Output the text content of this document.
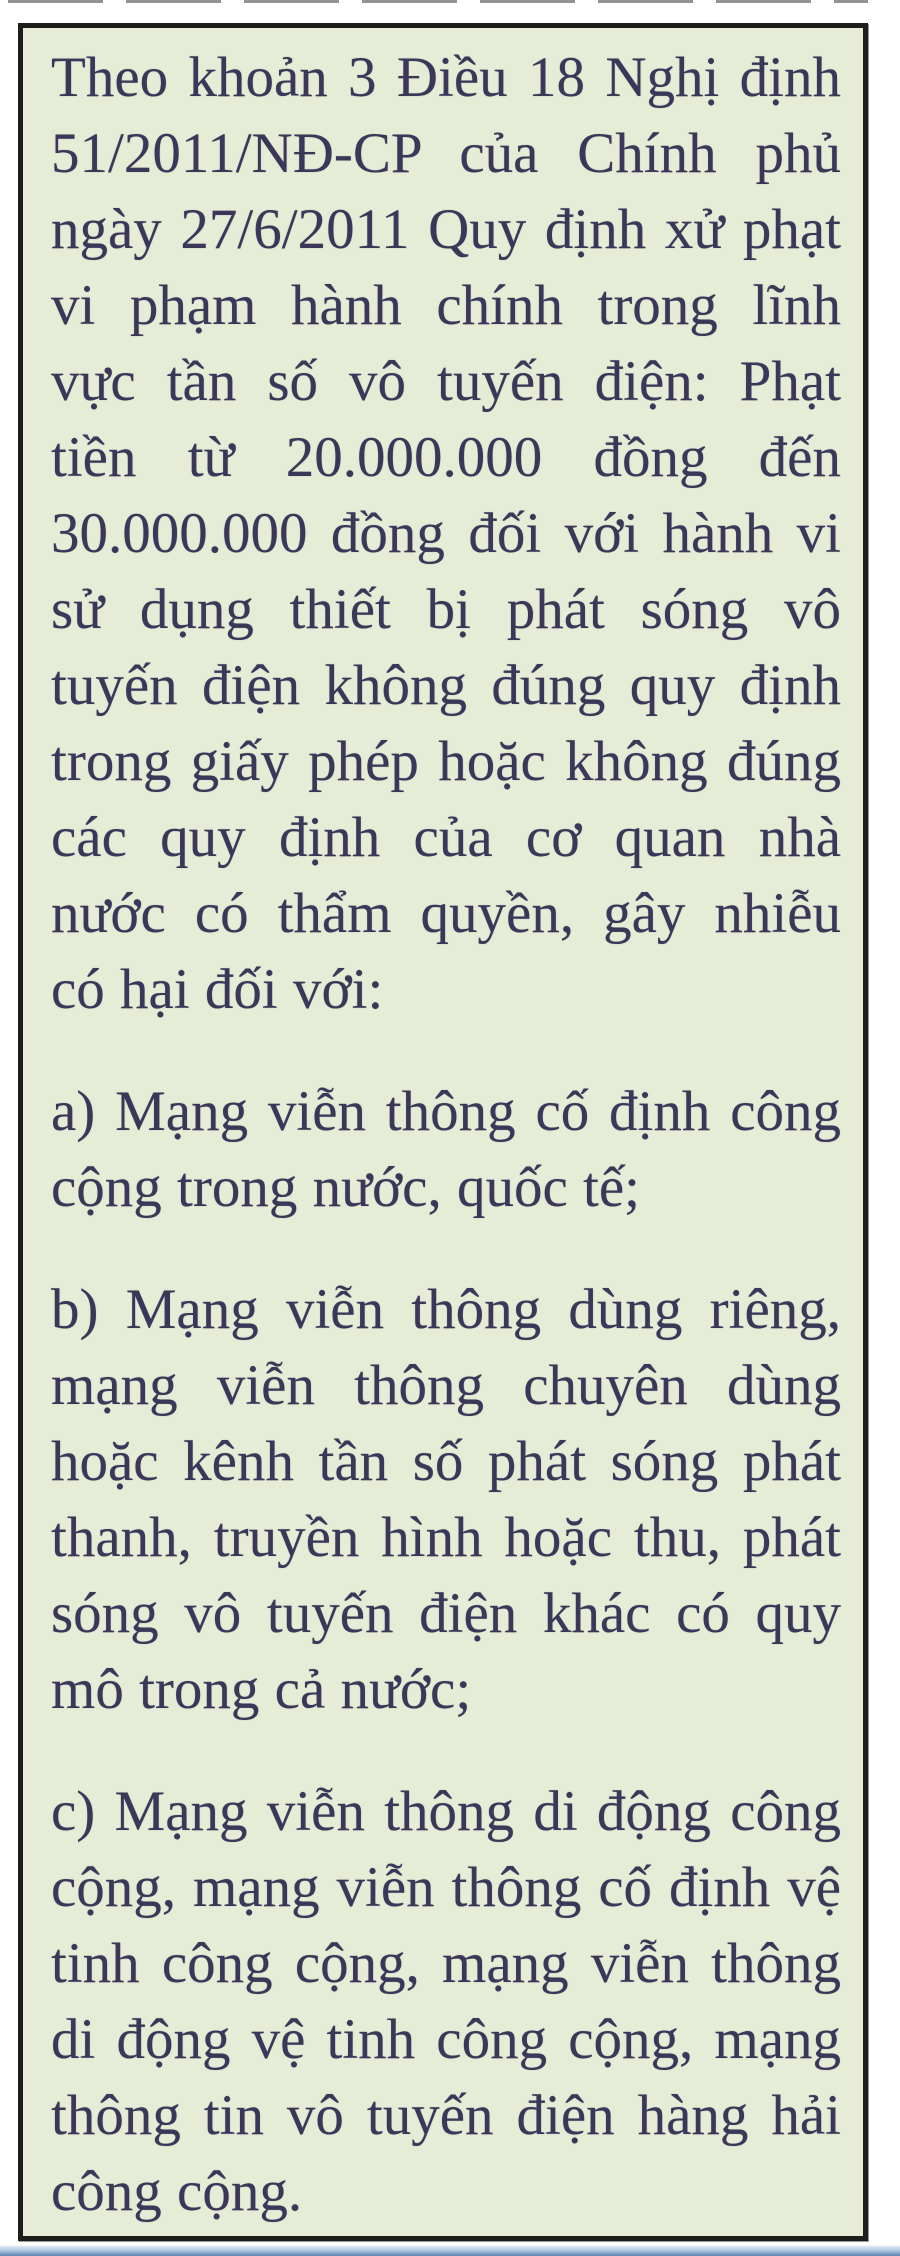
Theo khoản 3 Điều 18 Nghị định 51/2011/NĐ-CP của Chính phủ ngày 27/6/2011 Quy định xử phạt vi phạm hành chính trong lĩnh vực tần số vô tuyến điện: Phạt tiền từ 20.000.000 đồng đến 30.000.000 đồng đối với hành vi sử dụng thiết bị phát sóng vô tuyến điện không đúng quy định trong giấy phép hoặc không đúng các quy định của cơ quan nhà nước có thẩm quyền, gây nhiễu có hại đối với:

a) Mạng viễn thông cố định công cộng trong nước, quốc tế;

b) Mạng viễn thông dùng riêng, mạng viễn thông chuyên dùng hoặc kênh tần số phát sóng phát thanh, truyền hình hoặc thu, phát sóng vô tuyến điện khác có quy mô trong cả nước;

c) Mạng viễn thông di động công cộng, mạng viễn thông cố định vệ tinh công cộng, mạng viễn thông di động vệ tinh công cộng, mạng thông tin vô tuyến điện hàng hải công cộng.
